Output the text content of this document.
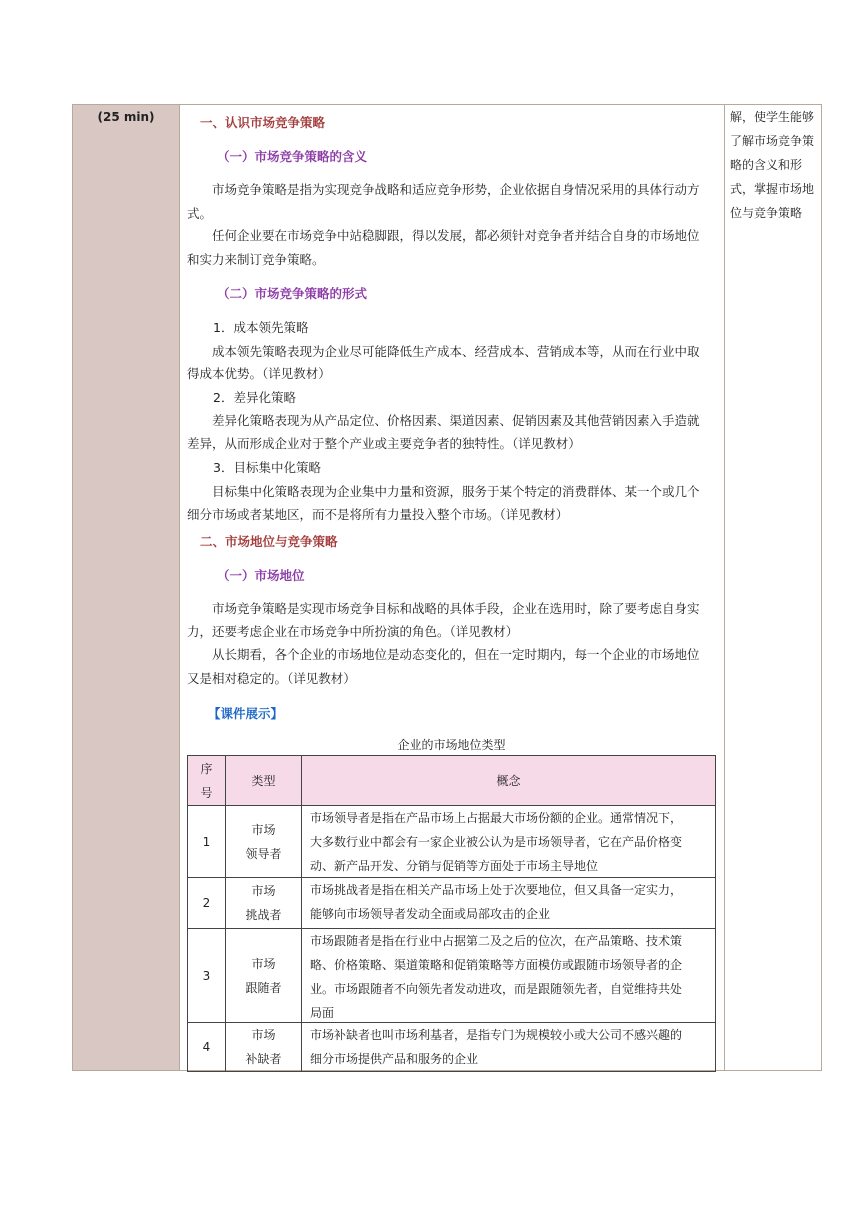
(25 min)	解，使学生能够了解市场竞争策略的含义和形式，掌握市场地位与竞争策略
一、认识市场竞争策略
（一）市场竞争策略的含义
市场竞争策略是指为实现竞争战略和适应竞争形势，企业依据自身情况采用的具体行动方
式。
任何企业要在市场竞争中站稳脚跟，得以发展，都必须针对竞争者并结合自身的市场地位
和实力来制订竞争策略。
（二）市场竞争策略的形式
1．成本领先策略
成本领先策略表现为企业尽可能降低生产成本、经营成本、营销成本等，从而在行业中取
得成本优势。（详见教材）
2．差异化策略
差异化策略表现为从产品定位、价格因素、渠道因素、促销因素及其他营销因素入手造就
差异，从而形成企业对于整个产业或主要竞争者的独特性。（详见教材）
3．目标集中化策略
目标集中化策略表现为企业集中力量和资源，服务于某个特定的消费群体、某一个或几个
细分市场或者某地区，而不是将所有力量投入整个市场。（详见教材）
二、市场地位与竞争策略
（一）市场地位
市场竞争策略是实现市场竞争目标和战略的具体手段，企业在选用时，除了要考虑自身实
力，还要考虑企业在市场竞争中所扮演的角色。（详见教材）
从长期看，各个企业的市场地位是动态变化的，但在一定时期内，每一个企业的市场地位
又是相对稳定的。（详见教材）
【课件展示】
企业的市场地位类型
序
号
类型	概念
1
市场
领导者
市场领导者是指在产品市场上占据最大市场份额的企业。通常情况下，
大多数行业中都会有一家企业被公认为是市场领导者，它在产品价格变
动、新产品开发、分销与促销等方面处于市场主导地位
2
市场
挑战者
市场挑战者是指在相关产品市场上处于次要地位，但又具备一定实力，
能够向市场领导者发动全面或局部攻击的企业
3
市场
跟随者
市场跟随者是指在行业中占据第二及之后的位次，在产品策略、技术策
略、价格策略、渠道策略和促销策略等方面模仿或跟随市场领导者的企
业。市场跟随者不向领先者发动进攻，而是跟随领先者，自觉维持共处
局面
4
市场
补缺者
市场补缺者也叫市场利基者，是指专门为规模较小或大公司不感兴趣的
细分市场提供产品和服务的企业
